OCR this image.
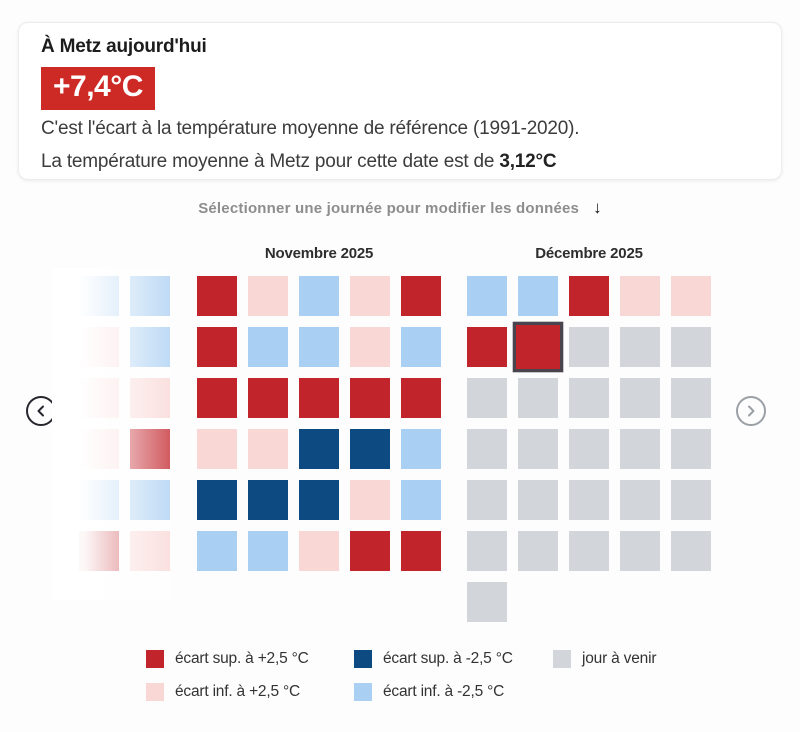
À Metz aujourd'hui
+7,4°C

C'est l'écart à la température moyenne de référence (1991-2020).

La température moyenne à Metz pour cette date est de 3,12°C

Sélectionner une journée pour modifier les données ↓
Novembre 2025	Décembre 2025
écart sup. à +2,5 °C
écart inf. à +2,5 °C
écart sup. à -2,5 °C
écart inf. à -2,5 °C
jour à venir
